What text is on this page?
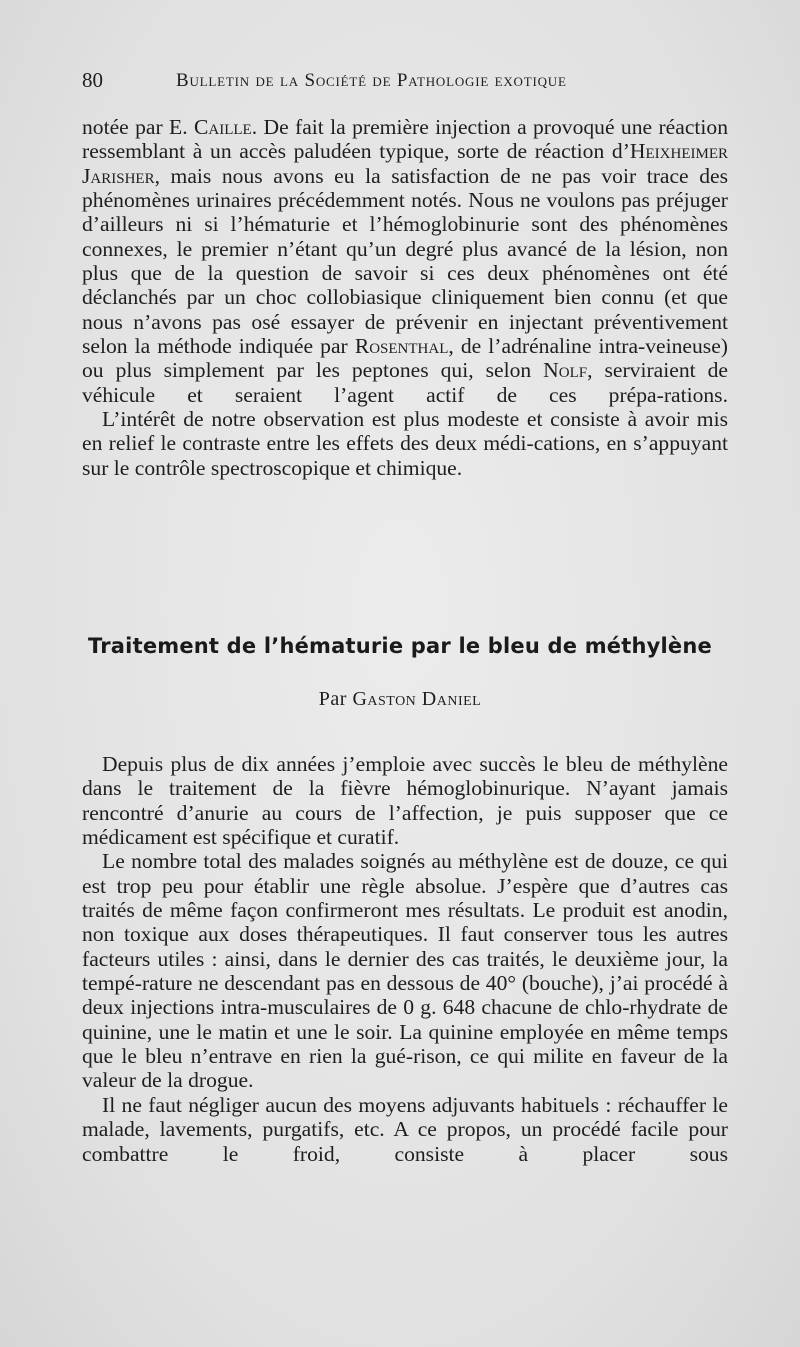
80	Bulletin de la Société de Pathologie exotique

notée par E. Caille. De fait la première injection a provoqué une réaction ressemblant à un accès paludéen typique, sorte de réaction d’Heixheimer Jarisher, mais nous avons eu la satisfaction de ne pas voir trace des phénomènes urinaires précédemment notés. Nous ne voulons pas préjuger d’ailleurs ni si l’hématurie et l’hémoglobinurie sont des phénomènes connexes, le premier n’étant qu’un degré plus avancé de la lésion, non plus que de la question de savoir si ces deux phénomènes ont été déclanchés par un choc collobiasique cliniquement bien connu (et que nous n’avons pas osé essayer de prévenir en injectant préventivement selon la méthode indiquée par Rosenthal, de l’adrénaline intra-veineuse) ou plus simplement par les peptones qui, selon Nolf, serviraient de véhicule et seraient l’agent actif de ces prépa-rations.

L’intérêt de notre observation est plus modeste et consiste à avoir mis en relief le contraste entre les effets des deux médi-cations, en s’appuyant sur le contrôle spectroscopique et chimique.

Traitement de l’hématurie par le bleu de méthylène
Par Gaston Daniel

Depuis plus de dix années j’emploie avec succès le bleu de méthylène dans le traitement de la fièvre hémoglobinurique. N’ayant jamais rencontré d’anurie au cours de l’affection, je puis supposer que ce médicament est spécifique et curatif.

Le nombre total des malades soignés au méthylène est de douze, ce qui est trop peu pour établir une règle absolue. J’espère que d’autres cas traités de même façon confirmeront mes résultats. Le produit est anodin, non toxique aux doses thérapeutiques. Il faut conserver tous les autres facteurs utiles : ainsi, dans le dernier des cas traités, le deuxième jour, la tempé-rature ne descendant pas en dessous de 40° (bouche), j’ai procédé à deux injections intra-musculaires de 0 g. 648 chacune de chlo-rhydrate de quinine, une le matin et une le soir. La quinine employée en même temps que le bleu n’entrave en rien la gué-rison, ce qui milite en faveur de la valeur de la drogue.

Il ne faut négliger aucun des moyens adjuvants habituels : réchauffer le malade, lavements, purgatifs, etc. A ce propos, un procédé facile pour combattre le froid, consiste à placer sous
